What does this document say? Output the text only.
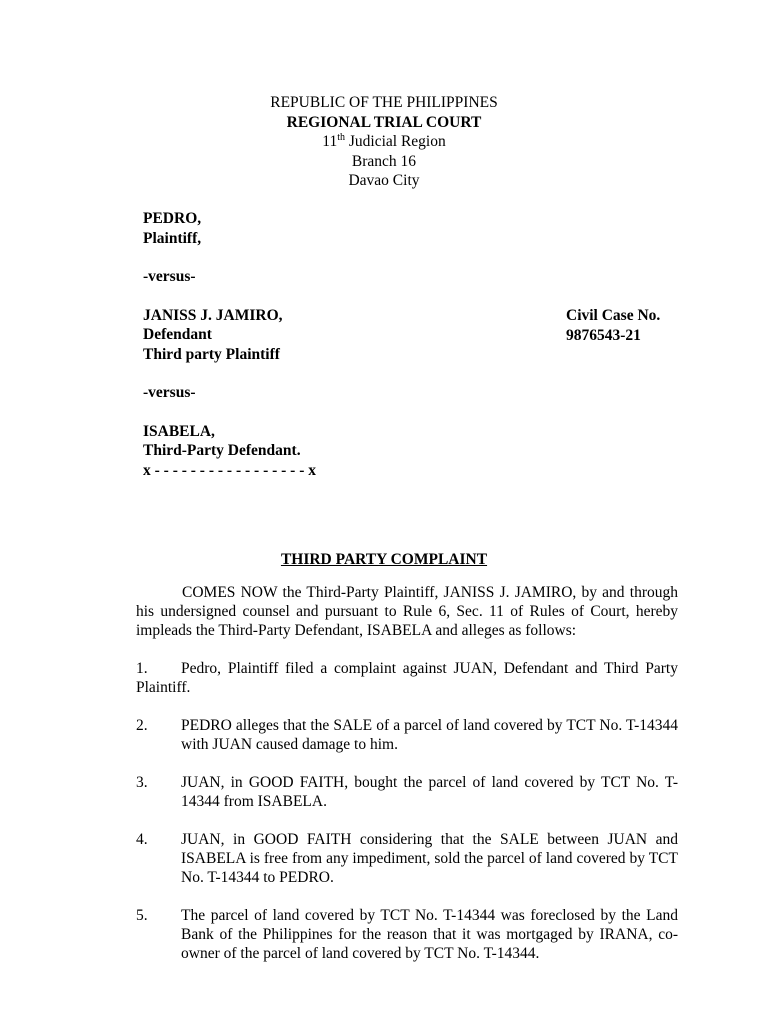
REPUBLIC OF THE PHILIPPINES
REGIONAL TRIAL COURT
11th Judicial Region
Branch 16
Davao City
PEDRO,
Plaintiff,
-versus-
JANISS J. JAMIRO,
Defendant
Third party Plaintiff
-versus-
ISABELA,
Third-Party Defendant.
x - - - - - - - - - - - - - - - - - x
Civil Case No.
9876543-21
THIRD PARTY COMPLAINT

COMES NOW the Third-Party Plaintiff, JANISS J. JAMIRO, by and through his undersigned counsel and pursuant to Rule 6, Sec. 11 of Rules of Court, hereby impleads the Third-Party Defendant, ISABELA and alleges as follows:

1. Pedro, Plaintiff filed a complaint against JUAN, Defendant and Third Party Plaintiff.
2. PEDRO alleges that the SALE of a parcel of land covered by TCT No. T-14344 with JUAN caused damage to him.
3. JUAN, in GOOD FAITH, bought the parcel of land covered by TCT No. T-14344 from ISABELA.
4. JUAN, in GOOD FAITH considering that the SALE between JUAN and ISABELA is free from any impediment, sold the parcel of land covered by TCT No. T-14344 to PEDRO.
5. The parcel of land covered by TCT No. T-14344 was foreclosed by the Land Bank of the Philippines for the reason that it was mortgaged by IRANA, co- owner of the parcel of land covered by TCT No. T-14344.
